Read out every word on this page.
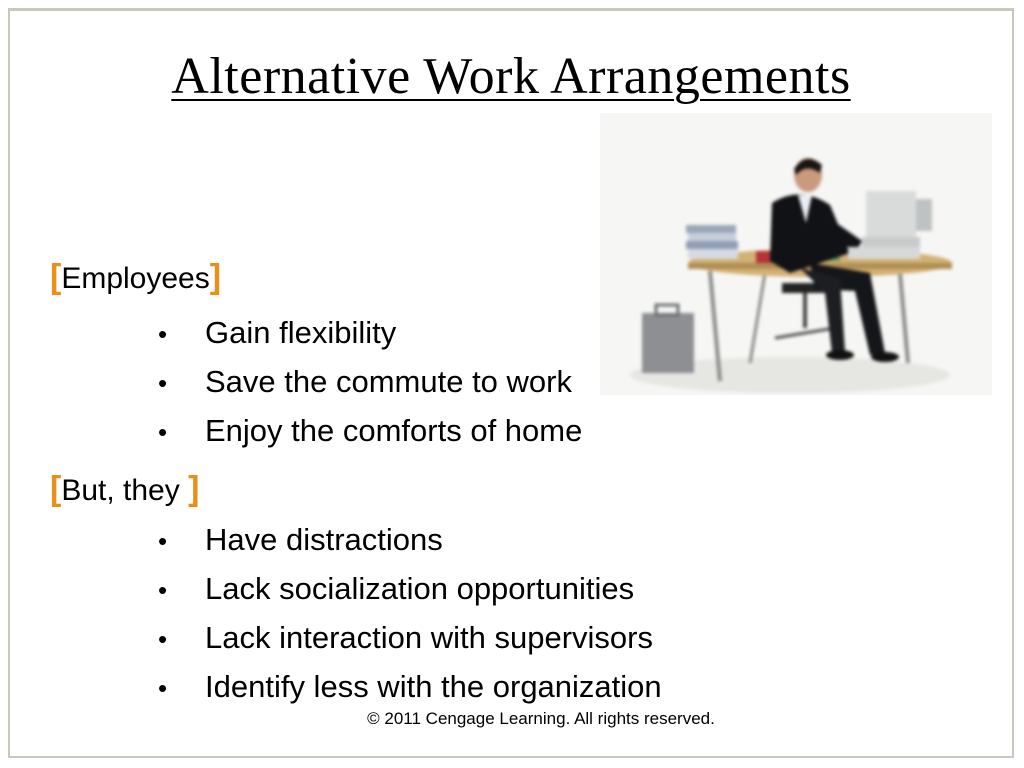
Alternative Work Arrangements
[Employees]
• Gain flexibility
• Save the commute to work
• Enjoy the comforts of home
[But, they ]
• Have distractions
• Lack socialization opportunities
• Lack interaction with supervisors
• Identify less with the organization
© 2011 Cengage Learning. All rights reserved.
